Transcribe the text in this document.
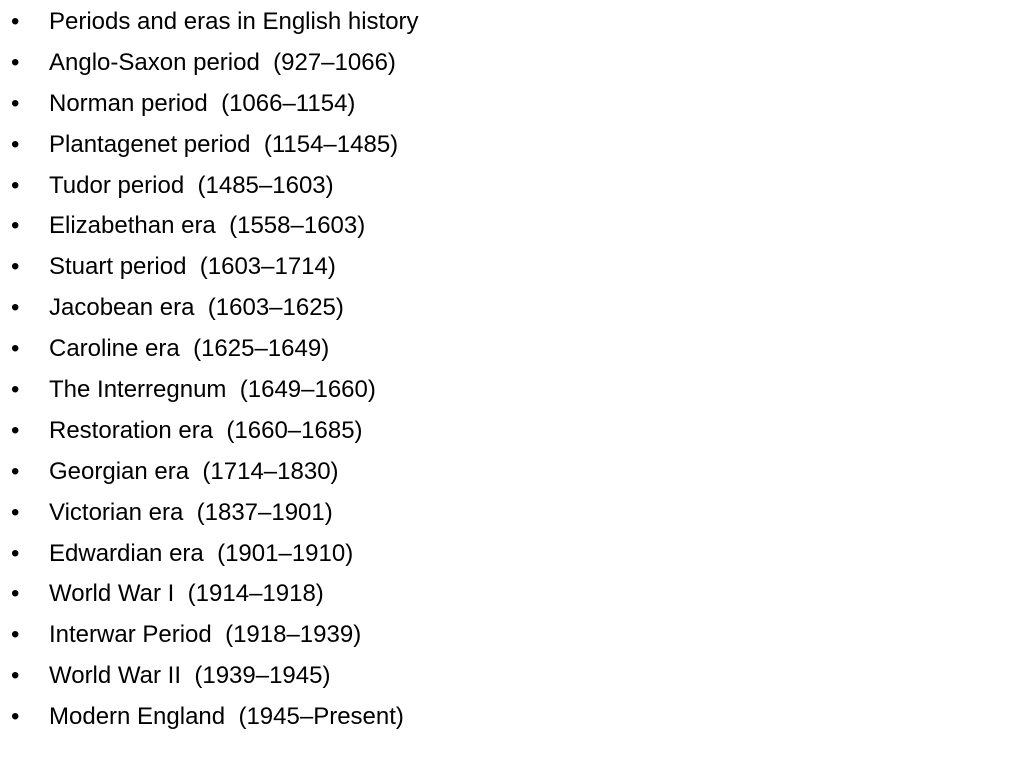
•	Periods and eras in English history
•	Anglo-Saxon period  (927–1066)
•	Norman period  (1066–1154)
•	Plantagenet period  (1154–1485)
•	Tudor period  (1485–1603)
•	Elizabethan era  (1558–1603)
•	Stuart period  (1603–1714)
•	Jacobean era  (1603–1625)
•	Caroline era  (1625–1649)
•	The Interregnum  (1649–1660)
•	Restoration era  (1660–1685)
•	Georgian era  (1714–1830)
•	Victorian era  (1837–1901)
•	Edwardian era  (1901–1910)
•	World War I  (1914–1918)
•	Interwar Period  (1918–1939)
•	World War II  (1939–1945)
•	Modern England  (1945–Present)
